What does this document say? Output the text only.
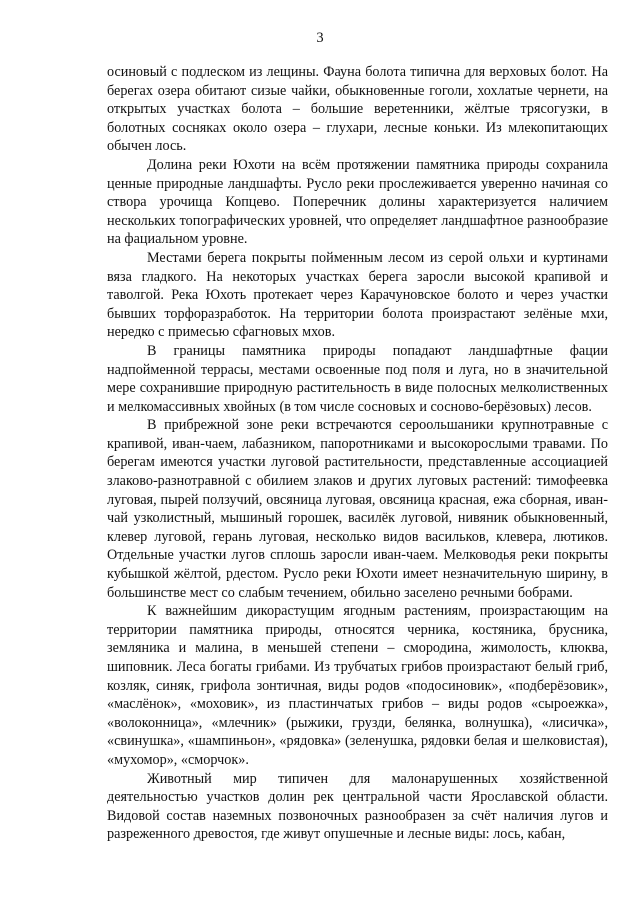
3

осиновый с подлеском из лещины. Фауна болота типична для верховых болот. На берегах озера обитают сизые чайки, обыкновенные гоголи, хохлатые чернети, на открытых участках болота – большие веретенники, жёлтые трясогузки, в болотных сосняках около озера – глухари, лесные коньки. Из млекопитающих обычен лось.

Долина реки Юхоти на всём протяжении памятника природы сохранила ценные природные ландшафты. Русло реки прослеживается уверенно начиная со створа урочища Копцево. Поперечник долины характеризуется наличием нескольких топографических уровней, что определяет ландшафтное разнообразие на фациальном уровне.

Местами берега покрыты пойменным лесом из серой ольхи и куртинами вяза гладкого. На некоторых участках берега заросли высокой крапивой и таволгой. Река Юхоть протекает через Карачуновское болото и через участки бывших торфоразработок. На территории болота произрастают зелёные мхи, нередко с примесью сфагновых мхов.

В границы памятника природы попадают ландшафтные фации надпойменной террасы, местами освоенные под поля и луга, но в значительной мере сохранившие природную растительность в виде полосных мелколиственных и мелкомассивных хвойных (в том числе сосновых и сосново-берёзовых) лесов.

В прибрежной зоне реки встречаются сероольшаники крупнотравные с крапивой, иван-чаем, лабазником, папоротниками и высокорослыми травами. По берегам имеются участки луговой растительности, представленные ассоциацией злаково-разнотравной с обилием злаков и других луговых растений: тимофеевка луговая, пырей ползучий, овсяница луговая, овсяница красная, ежа сборная, иван-чай узколистный, мышиный горошек, василёк луговой, нивяник обыкновенный, клевер луговой, герань луговая, несколько видов васильков, клевера, лютиков. Отдельные участки лугов сплошь заросли иван-чаем. Мелководья реки покрыты кубышкой жёлтой, рдестом. Русло реки Юхоти имеет незначительную ширину, в большинстве мест со слабым течением, обильно заселено речными бобрами.

К важнейшим дикорастущим ягодным растениям, произрастающим на территории памятника природы, относятся черника, костяника, брусника, земляника и малина, в меньшей степени – смородина, жимолость, клюква, шиповник. Леса богаты грибами. Из трубчатых грибов произрастают белый гриб, козляк, синяк, грифола зонтичная, виды родов «подосиновик», «подберёзовик», «маслёнок», «моховик», из пластинчатых грибов – виды родов «сыроежка», «волоконница», «млечник» (рыжики, грузди, белянка, волнушка), «лисичка», «свинушка», «шампиньон», «рядовка» (зеленушка, рядовки белая и шелковистая), «мухомор», «сморчок».

Животный мир типичен для малонарушенных хозяйственной деятельностью участков долин рек центральной части Ярославской области. Видовой состав наземных позвоночных разнообразен за счёт наличия лугов и разреженного древостоя, где живут опушечные и лесные виды: лось, кабан,
